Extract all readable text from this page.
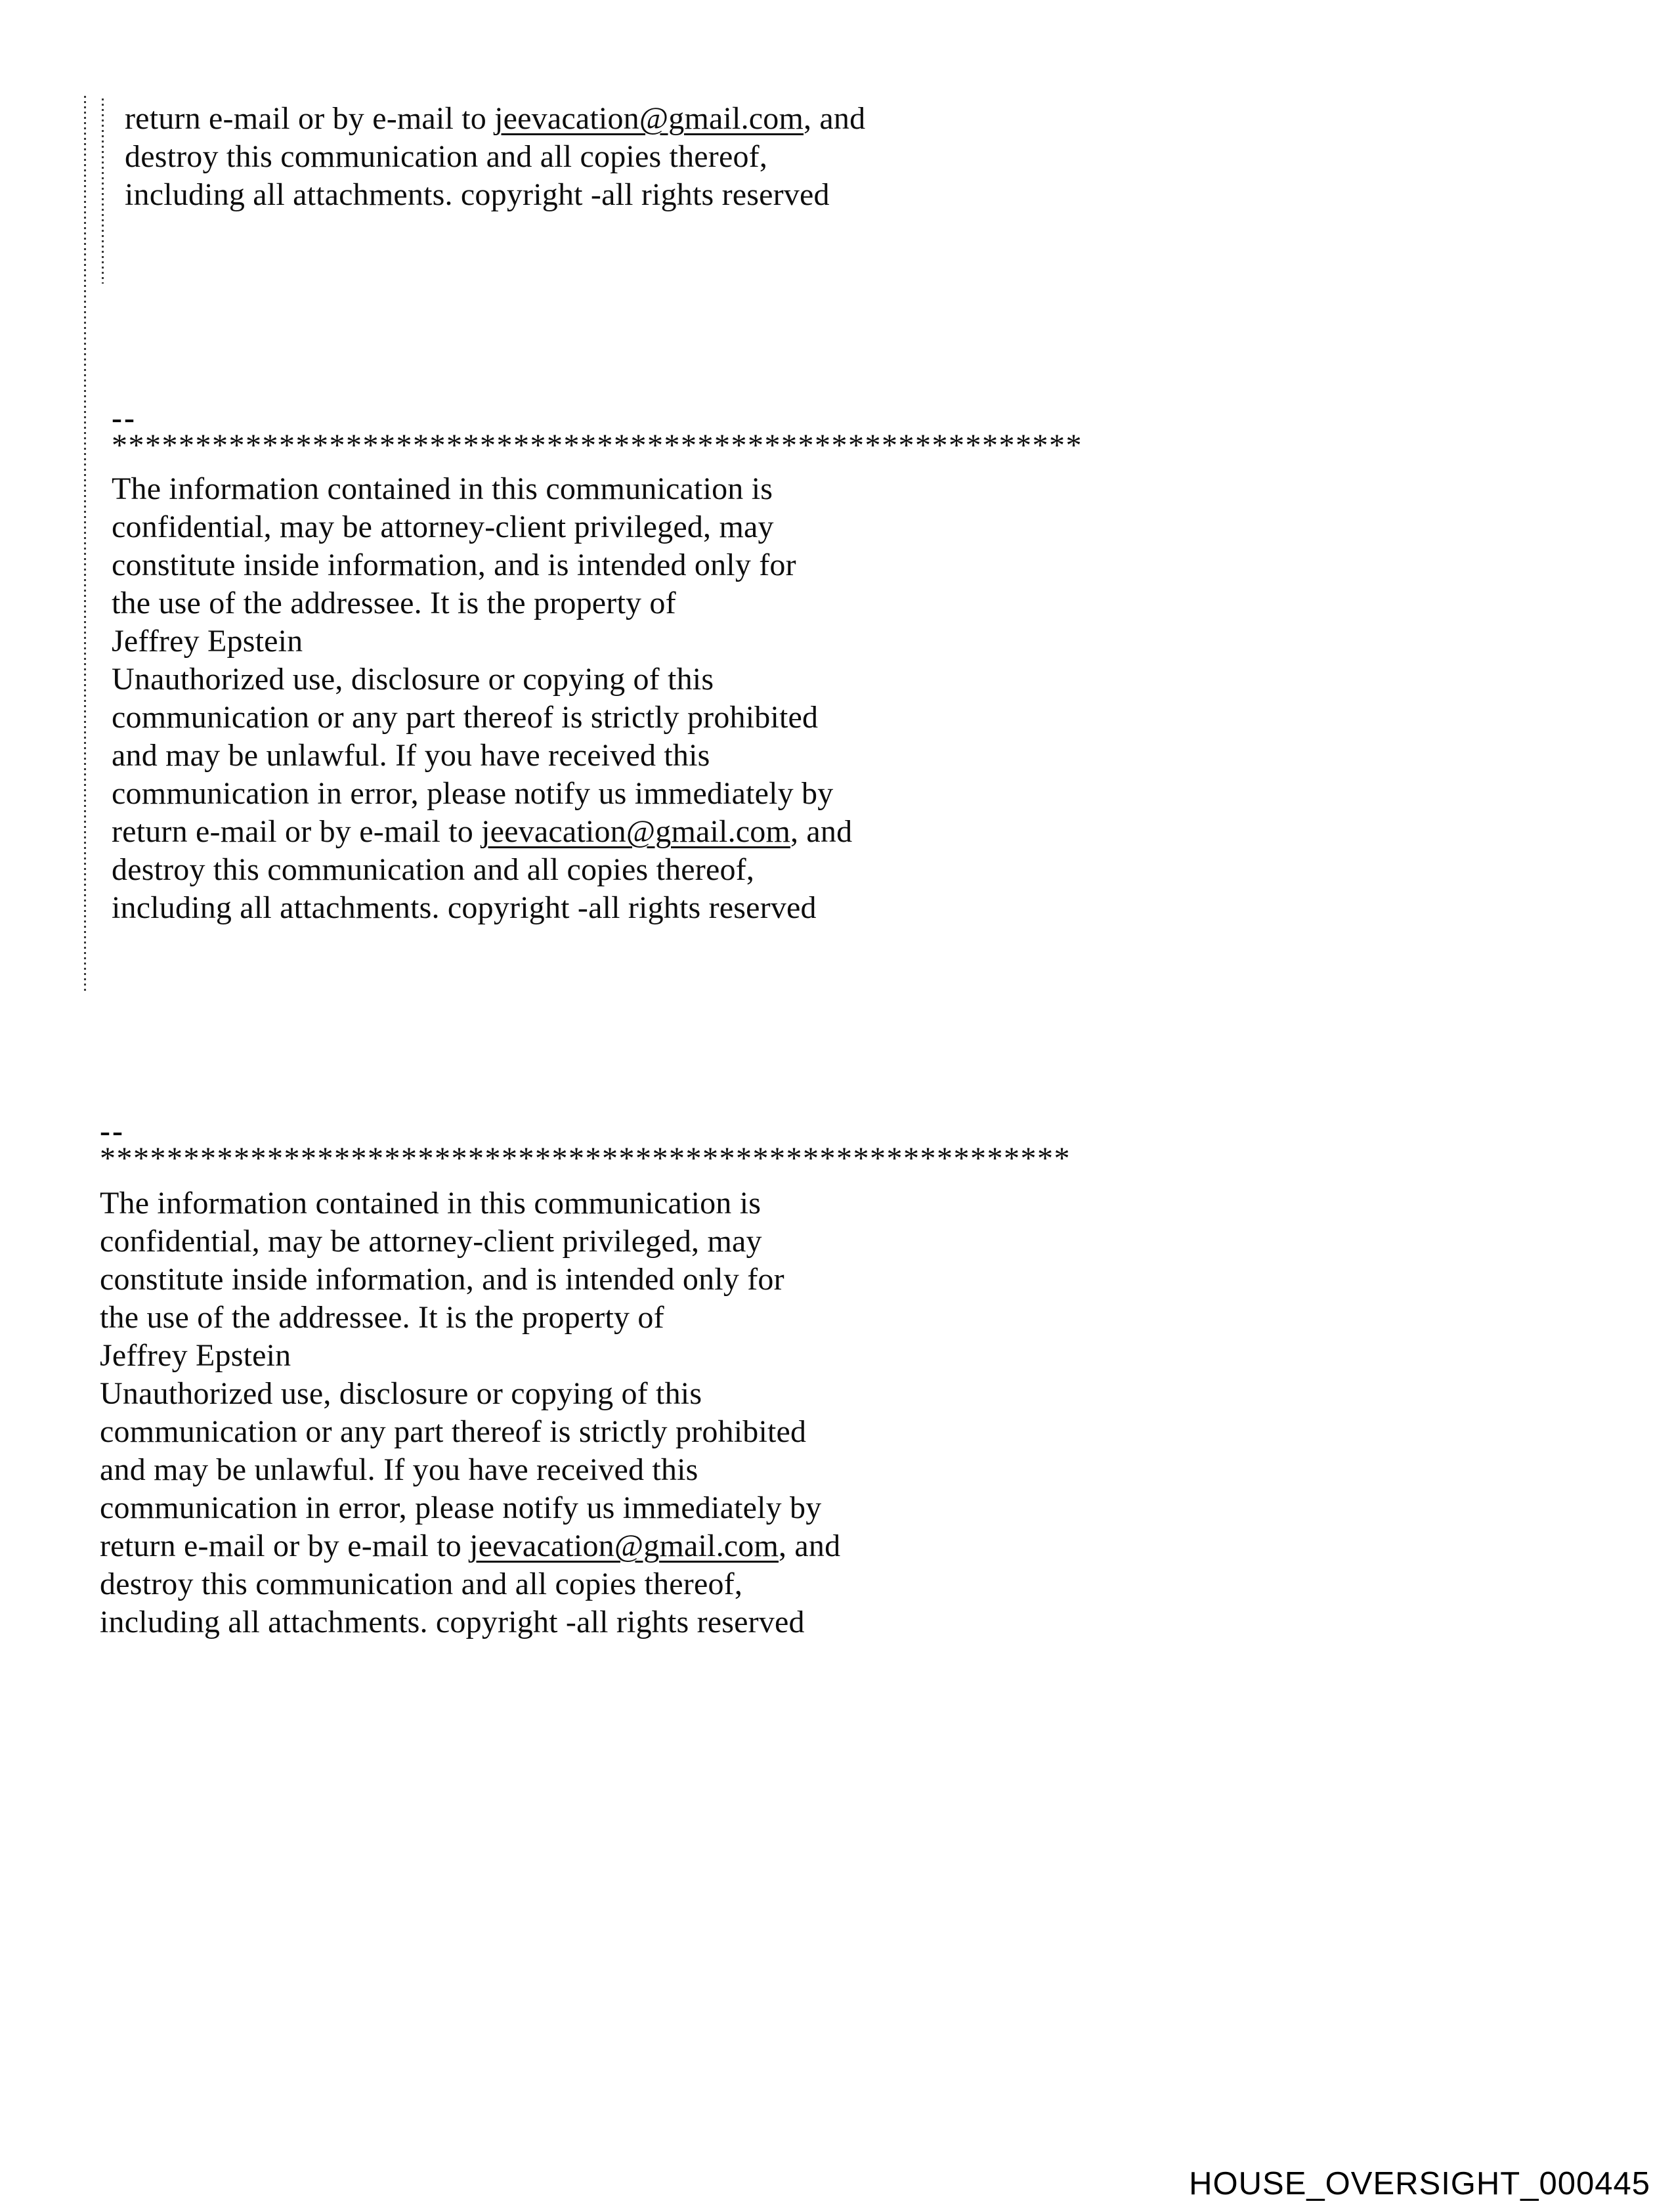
return e-mail or by e-mail to jeevacation@gmail.com, and
destroy this communication and all copies thereof,
including all attachments. copyright -all rights reserved
--
**********************************************************
The information contained in this communication is
confidential, may be attorney-client privileged, may
constitute inside information, and is intended only for
the use of the addressee. It is the property of
Jeffrey Epstein
Unauthorized use, disclosure or copying of this
communication or any part thereof is strictly prohibited
and may be unlawful. If you have received this
communication in error, please notify us immediately by
return e-mail or by e-mail to jeevacation@gmail.com, and
destroy this communication and all copies thereof,
including all attachments. copyright -all rights reserved
--
**********************************************************
The information contained in this communication is
confidential, may be attorney-client privileged, may
constitute inside information, and is intended only for
the use of the addressee. It is the property of
Jeffrey Epstein
Unauthorized use, disclosure or copying of this
communication or any part thereof is strictly prohibited
and may be unlawful. If you have received this
communication in error, please notify us immediately by
return e-mail or by e-mail to jeevacation@gmail.com, and
destroy this communication and all copies thereof,
including all attachments. copyright -all rights reserved
HOUSE_OVERSIGHT_000445
